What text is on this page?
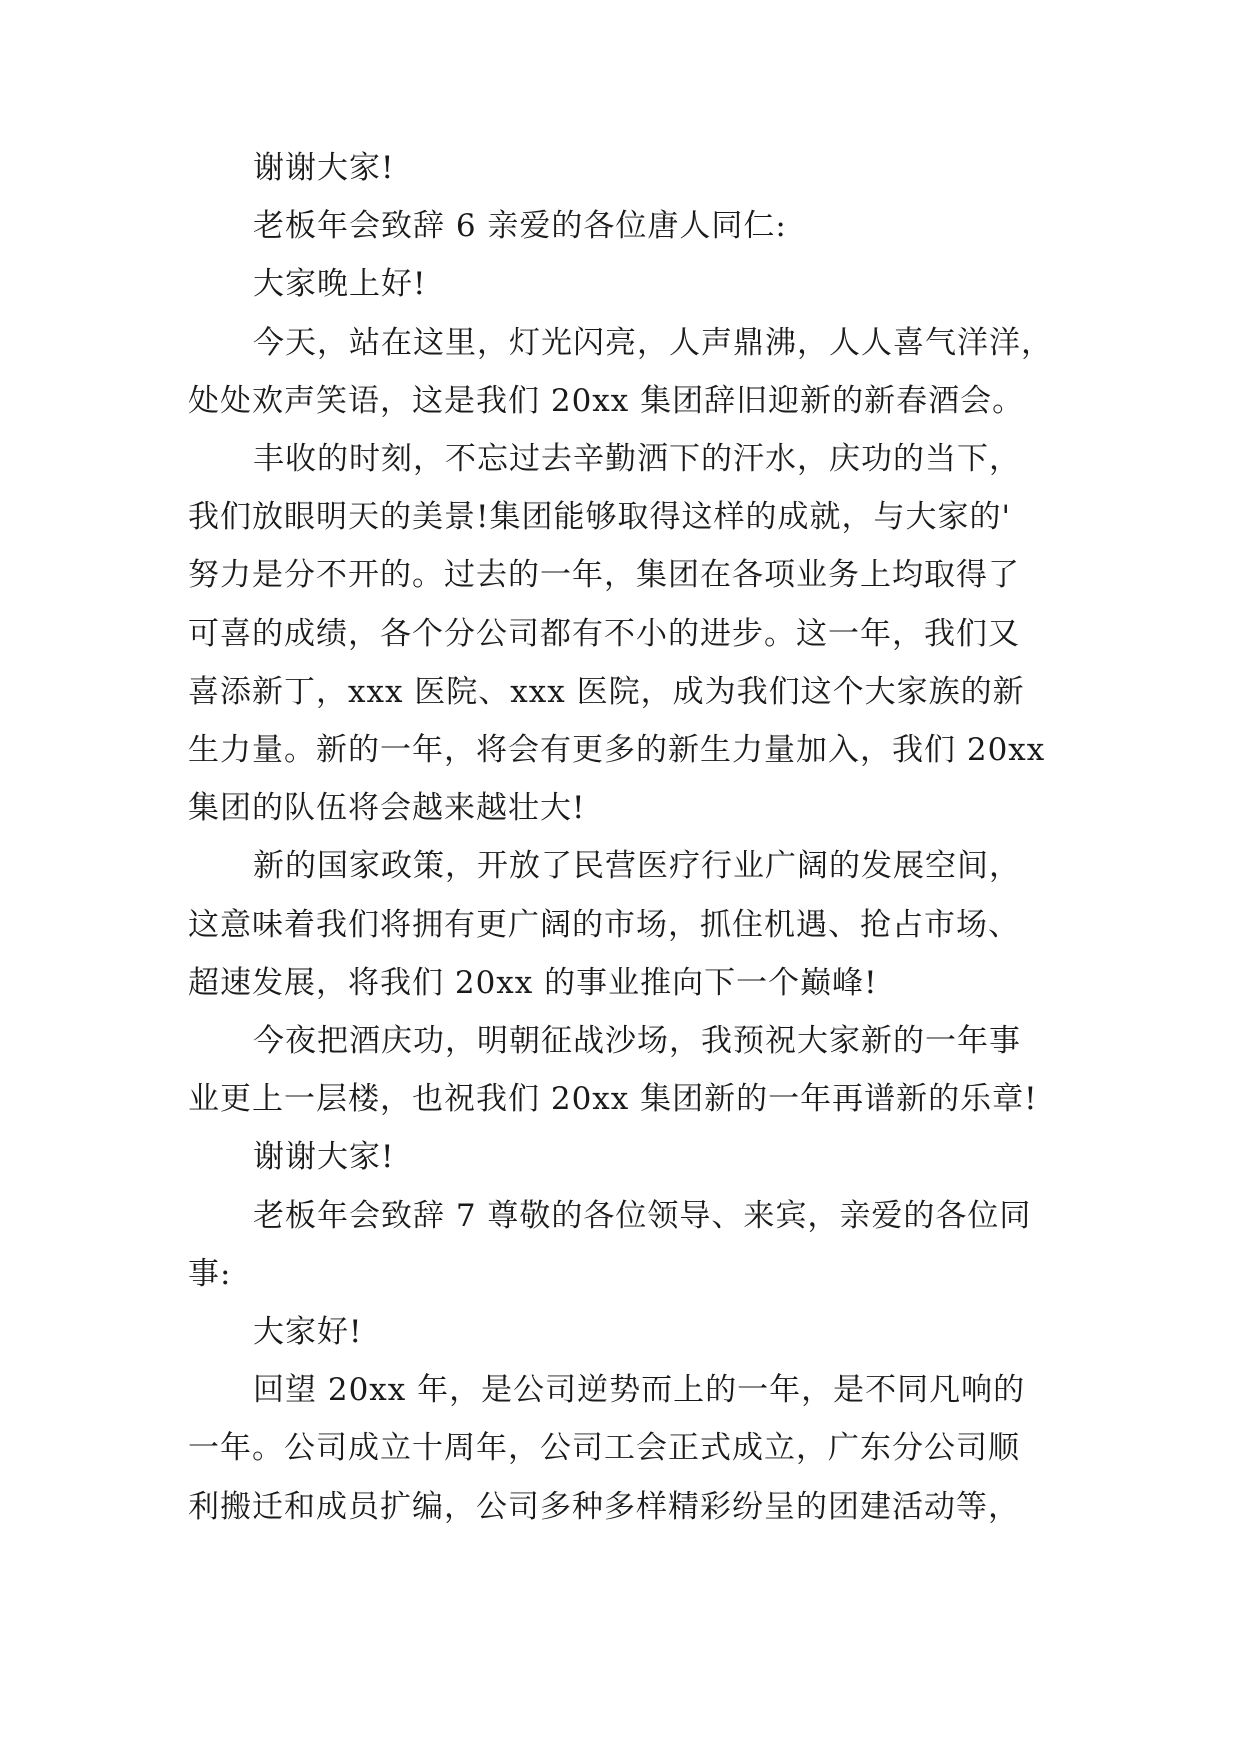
谢谢大家!
老板年会致辞 6 亲爱的各位唐人同仁:
大家晚上好!
今天，站在这里，灯光闪亮，人声鼎沸，人人喜气洋洋，
处处欢声笑语，这是我们 20xx 集团辞旧迎新的新春酒会。
丰收的时刻，不忘过去辛勤洒下的汗水，庆功的当下，
我们放眼明天的美景!集团能够取得这样的成就，与大家的'
努力是分不开的。过去的一年，集团在各项业务上均取得了
可喜的成绩，各个分公司都有不小的进步。这一年，我们又
喜添新丁，xxx 医院、xxx 医院，成为我们这个大家族的新
生力量。新的一年，将会有更多的新生力量加入，我们 20xx
集团的队伍将会越来越壮大!
新的国家政策，开放了民营医疗行业广阔的发展空间，
这意味着我们将拥有更广阔的市场，抓住机遇、抢占市场、
超速发展，将我们 20xx 的事业推向下一个巅峰!
今夜把酒庆功，明朝征战沙场，我预祝大家新的一年事
业更上一层楼，也祝我们 20xx 集团新的一年再谱新的乐章!
谢谢大家!
老板年会致辞 7 尊敬的各位领导、来宾，亲爱的各位同
事:
大家好!
回望 20xx 年，是公司逆势而上的一年，是不同凡响的
一年。公司成立十周年，公司工会正式成立，广东分公司顺
利搬迁和成员扩编，公司多种多样精彩纷呈的团建活动等，
